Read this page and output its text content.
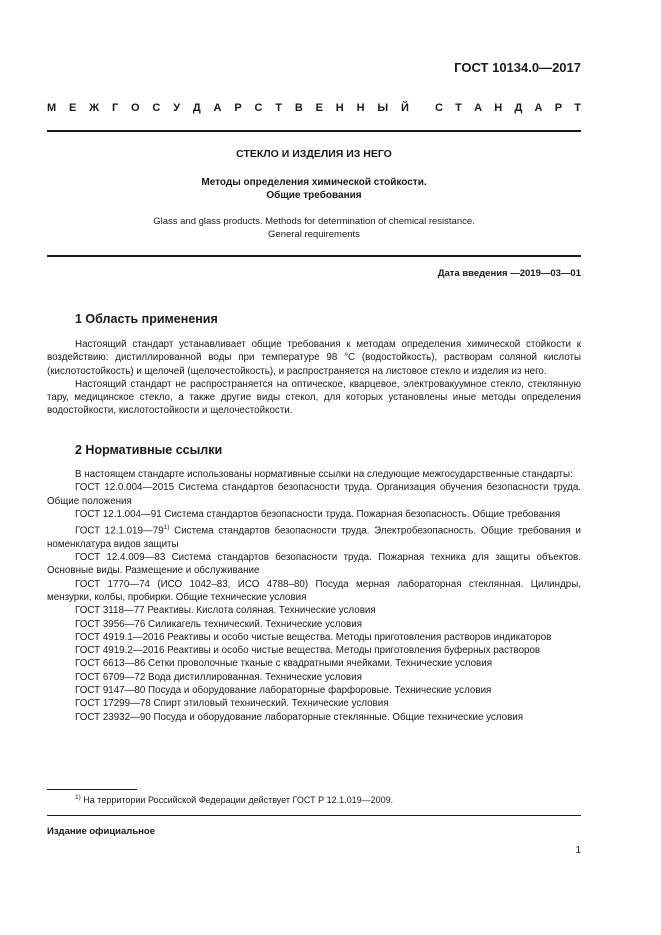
ГОСТ 10134.0—2017
М Е Ж Г О С У Д А Р С Т В Е Н Н Ы Й С Т А Н Д А Р Т
СТЕКЛО И ИЗДЕЛИЯ ИЗ НЕГО
Методы определения химической стойкости.
Общие требования
Glass and glass products. Methods for determination of chemical resistance.
General requirements
Дата введения —2019—03—01
1 Область применения

Настоящий стандарт устанавливает общие требования к методам определения химической стойкости к воздействию: дистиллированной воды при температуре 98 °С (водостойкость), растворам соляной кислоты (кислотостойкость) и щелочей (щелочестойкость), и распространяется на листовое стекло и изделия из него.

Настоящий стандарт не распространяется на оптическое, кварцевое, электровакуумное стекло, стеклянную тару, медицинское стекло, а также другие виды стекол, для которых установлены иные методы определения водостойкости, кислотостойкости и щелочестойкости.

2 Нормативные ссылки

В настоящем стандарте использованы нормативные ссылки на следующие межгосударственные стандарты:

ГОСТ 12.0.004—2015 Система стандартов безопасности труда. Организация обучения безопасности труда. Общие положения

ГОСТ 12.1.004—91 Система стандартов безопасности труда. Пожарная безопасность. Общие требования

ГОСТ 12.1.019—79$^{1)}$ Система стандартов безопасности труда. Электробезопасность. Общие требования и номенклатура видов защиты

ГОСТ 12.4.009—83 Система стандартов безопасности труда. Пожарная техника для защиты объектов. Основные виды. Размещение и обслуживание

ГОСТ 1770—74 (ИСО 1042–83, ИСО 4788–80) Посуда мерная лабораторная стеклянная. Цилиндры, мензурки, колбы, пробирки. Общие технические условия

ГОСТ 3118—77 Реактивы. Кислота соляная. Технические условия

ГОСТ 3956—76 Силикагель технический. Технические условия

ГОСТ 4919.1—2016 Реактивы и особо чистые вещества. Методы приготовления растворов индикаторов

ГОСТ 4919.2—2016 Реактивы и особо чистые вещества. Методы приготовления буферных растворов

ГОСТ 6613—86 Сетки проволочные тканые с квадратными ячейками. Технические условия

ГОСТ 6709—72 Вода дистиллированная. Технические условия

ГОСТ 9147—80 Посуда и оборудование лабораторные фарфоровые. Технические условия

ГОСТ 17299—78 Спирт этиловый технический. Технические условия

ГОСТ 23932—90 Посуда и оборудование лабораторные стеклянные. Общие технические условия

$^{1)}$ На территории Российской Федерации действует ГОСТ Р 12.1.019—2009.
Издание официальное
1
